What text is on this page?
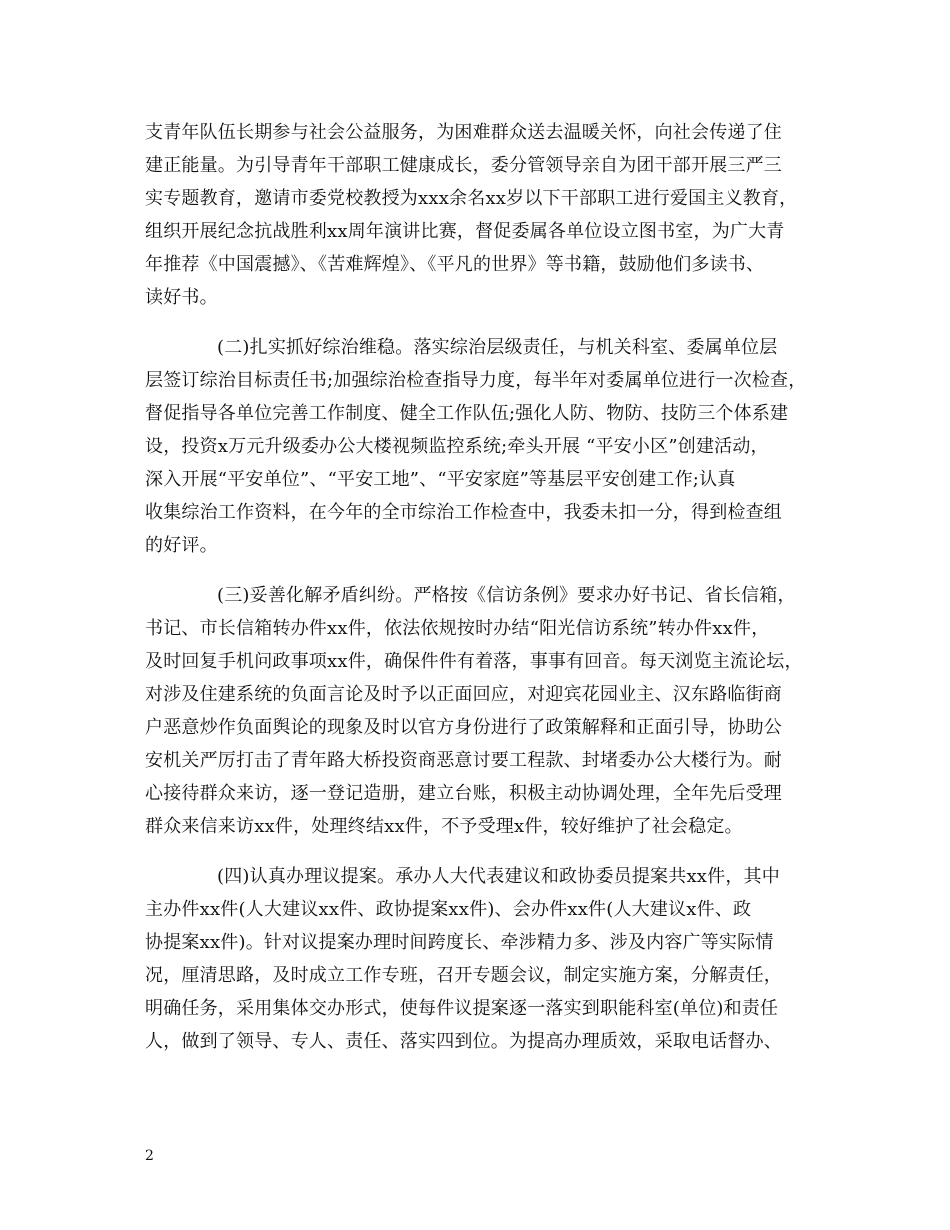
支青年队伍长期参与社会公益服务，为困难群众送去温暖关怀，向社会传递了住
建正能量。为引导青年干部职工健康成长，委分管领导亲自为团干部开展三严三
实专题教育，邀请市委党校教授为xxx余名xx岁以下干部职工进行爱国主义教育，
组织开展纪念抗战胜利xx周年演讲比赛，督促委属各单位设立图书室，为广大青
年推荐《中国震撼》、《苦难辉煌》、《平凡的世界》等书籍，鼓励他们多读书、
读好书。
(二)扎实抓好综治维稳。落实综治层级责任，与机关科室、委属单位层
层签订综治目标责任书;加强综治检查指导力度，每半年对委属单位进行一次检查，
督促指导各单位完善工作制度、健全工作队伍;强化人防、物防、技防三个体系建
设，投资x万元升级委办公大楼视频监控系统;牵头开展 “平安小区”创建活动，
深入开展“平安单位”、“平安工地”、“平安家庭”等基层平安创建工作;认真
收集综治工作资料，在今年的全市综治工作检查中，我委未扣一分，得到检查组
的好评。
(三)妥善化解矛盾纠纷。严格按《信访条例》要求办好书记、省长信箱，
书记、市长信箱转办件xx件，依法依规按时办结“阳光信访系统”转办件xx件，
及时回复手机问政事项xx件，确保件件有着落，事事有回音。每天浏览主流论坛，
对涉及住建系统的负面言论及时予以正面回应，对迎宾花园业主、汉东路临街商
户恶意炒作负面舆论的现象及时以官方身份进行了政策解释和正面引导，协助公
安机关严厉打击了青年路大桥投资商恶意讨要工程款、封堵委办公大楼行为。耐
心接待群众来访，逐一登记造册，建立台账，积极主动协调处理，全年先后受理
群众来信来访xx件，处理终结xx件，不予受理x件，较好维护了社会稳定。
(四)认真办理议提案。承办人大代表建议和政协委员提案共xx件，其中
主办件xx件(人大建议xx件、政协提案xx件)、会办件xx件(人大建议x件、政
协提案xx件)。针对议提案办理时间跨度长、牵涉精力多、涉及内容广等实际情
况，厘清思路，及时成立工作专班，召开专题会议，制定实施方案，分解责任，
明确任务，采用集体交办形式，使每件议提案逐一落实到职能科室(单位)和责任
人，做到了领导、专人、责任、落实四到位。为提高办理质效，采取电话督办、
2
